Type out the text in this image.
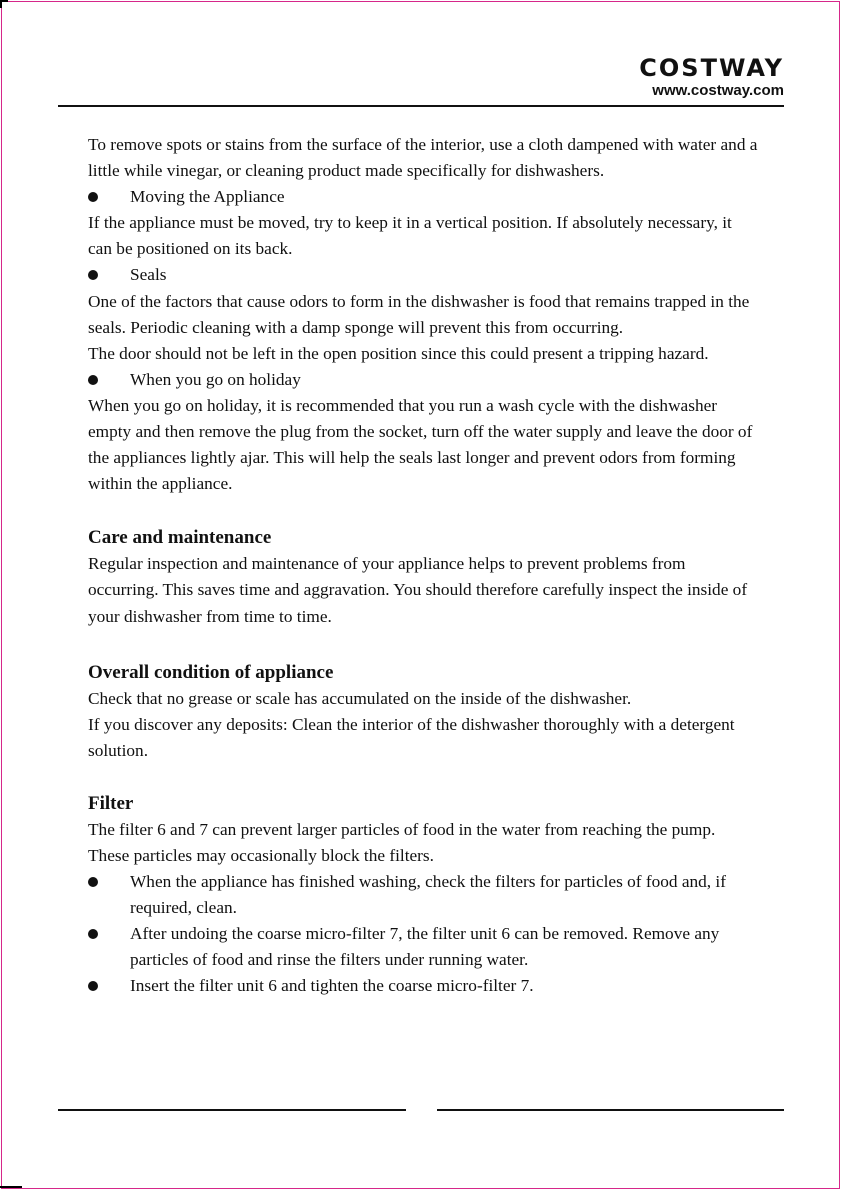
COSTWAY
www.costway.com

To remove spots or stains from the surface of the interior, use a cloth dampened with water and a little while vinegar, or cleaning product made specifically for dishwashers.

Moving the Appliance

If the appliance must be moved, try to keep it in a vertical position. If absolutely necessary, it can be positioned on its back.

Seals

One of the factors that cause odors to form in the dishwasher is food that remains trapped in the seals. Periodic cleaning with a damp sponge will prevent this from occurring.

The door should not be left in the open position since this could present a tripping hazard.

When you go on holiday

When you go on holiday, it is recommended that you run a wash cycle with the dishwasher empty and then remove the plug from the socket, turn off the water supply and leave the door of the appliances lightly ajar. This will help the seals last longer and prevent odors from forming within the appliance.

Care and maintenance

Regular inspection and maintenance of your appliance helps to prevent problems from occurring. This saves time and aggravation. You should therefore carefully inspect the inside of your dishwasher from time to time.

Overall condition of appliance

Check that no grease or scale has accumulated on the inside of the dishwasher.

If you discover any deposits: Clean the interior of the dishwasher thoroughly with a detergent solution.

Filter

The filter 6 and 7 can prevent larger particles of food in the water from reaching the pump. These particles may occasionally block the filters.

When the appliance has finished washing, check the filters for particles of food and, if required, clean.

After undoing the coarse micro-filter 7, the filter unit 6 can be removed. Remove any particles of food and rinse the filters under running water.

Insert the filter unit 6 and tighten the coarse micro-filter 7.
